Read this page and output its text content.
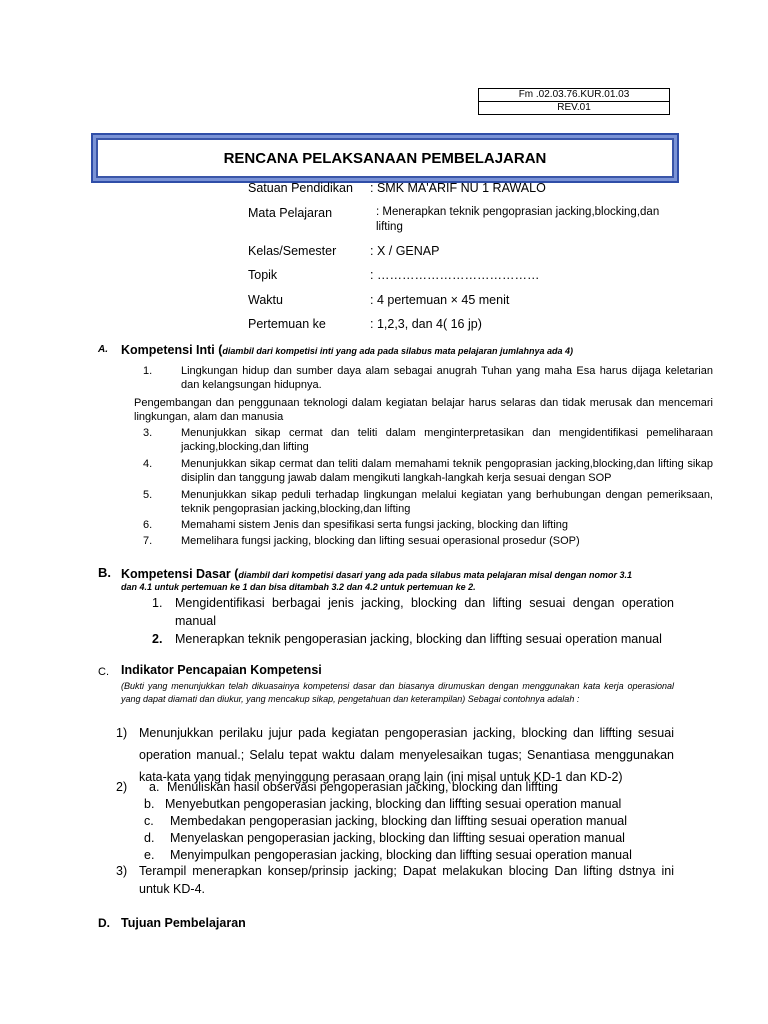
Fm .02.03.76.KUR.01.03
REV.01
RENCANA PELAKSANAAN PEMBELAJARAN
Satuan Pendidikan : SMK MA'ARIF NU 1 RAWALO
Mata Pelajaran	: Menerapkan teknik pengoprasian jacking,blocking,dan
lifting
Kelas/Semester	: X / GENAP
Topik	: …………………………………
Waktu	: 4 pertemuan × 45 menit
Pertemuan ke	: 1,2,3, dan 4( 16 jp)
A. Kompetensi Inti (diambil dari kompetisi inti yang ada pada silabus mata pelajaran jumlahnya ada 4)
1.	Lingkungan hidup dan sumber daya alam sebagai anugrah Tuhan yang maha Esa harus dijaga keletarian dan kelangsungan hidupnya.
Pengembangan dan penggunaan teknologi dalam kegiatan belajar harus selaras dan tidak merusak dan mencemari lingkungan, alam dan manusia
3.	Menunjukkan sikap cermat dan teliti dalam menginterpretasikan dan mengidentifikasi pemeliharaan jacking,blocking,dan lifting
4.	Menunjukkan sikap cermat dan teliti dalam memahami teknik pengoprasian jacking,blocking,dan lifting sikap disiplin dan tanggung jawab dalam mengikuti langkah-langkah kerja sesuai dengan SOP
5.	Menunjukkan sikap peduli terhadap lingkungan melalui kegiatan yang berhubungan dengan pemeriksaan, teknik pengoprasian jacking,blocking,dan lifting
6.	Memahami sistem Jenis dan spesifikasi serta fungsi jacking, blocking dan lifting
7.	Memelihara fungsi jacking, blocking dan lifting sesuai operasional prosedur (SOP)
B. Kompetensi Dasar (diambil dari kompetisi dasari yang ada pada silabus mata pelajaran misal dengan nomor 3.1
dan 4.1 untuk pertemuan ke 1 dan bisa ditambah 3.2 dan 4.2 untuk pertemuan ke 2.
1. Mengidentifikasi berbagai jenis jacking, blocking dan lifting sesuai dengan operation manual
2. Menerapkan teknik pengoperasian jacking, blocking dan liffting sesuai operation manual
C. Indikator Pencapaian Kompetensi
(Bukti yang menunjukkan telah dikuasainya kompetensi dasar dan biasanya dirumuskan dengan menggunakan kata kerja operasional yang dapat diamati dan diukur, yang mencakup sikap, pengetahuan dan keterampilan) Sebagai contohnya adalah :
1) Menunjukkan perilaku jujur pada kegiatan pengoperasian jacking, blocking dan liffting sesuai operation manual.; Selalu tepat waktu dalam menyelesaikan tugas; Senantiasa menggunakan kata-kata yang tidak menyinggung perasaan orang lain (ini misal untuk KD-1 dan KD-2)
2) a. Menuliskan hasil observasi pengoperasian jacking, blocking dan liffting
b. Menyebutkan pengoperasian jacking, blocking dan liffting sesuai operation manual
c. Membedakan pengoperasian jacking, blocking dan liffting sesuai operation manual
d. Menyelaskan pengoperasian jacking, blocking dan liffting sesuai operation manual
e. Menyimpulkan pengoperasian jacking, blocking dan liffting sesuai operation manual
3) Terampil menerapkan konsep/prinsip jacking; Dapat melakukan blocing Dan lifting dstnya ini untuk KD-4.
D. Tujuan Pembelajaran
